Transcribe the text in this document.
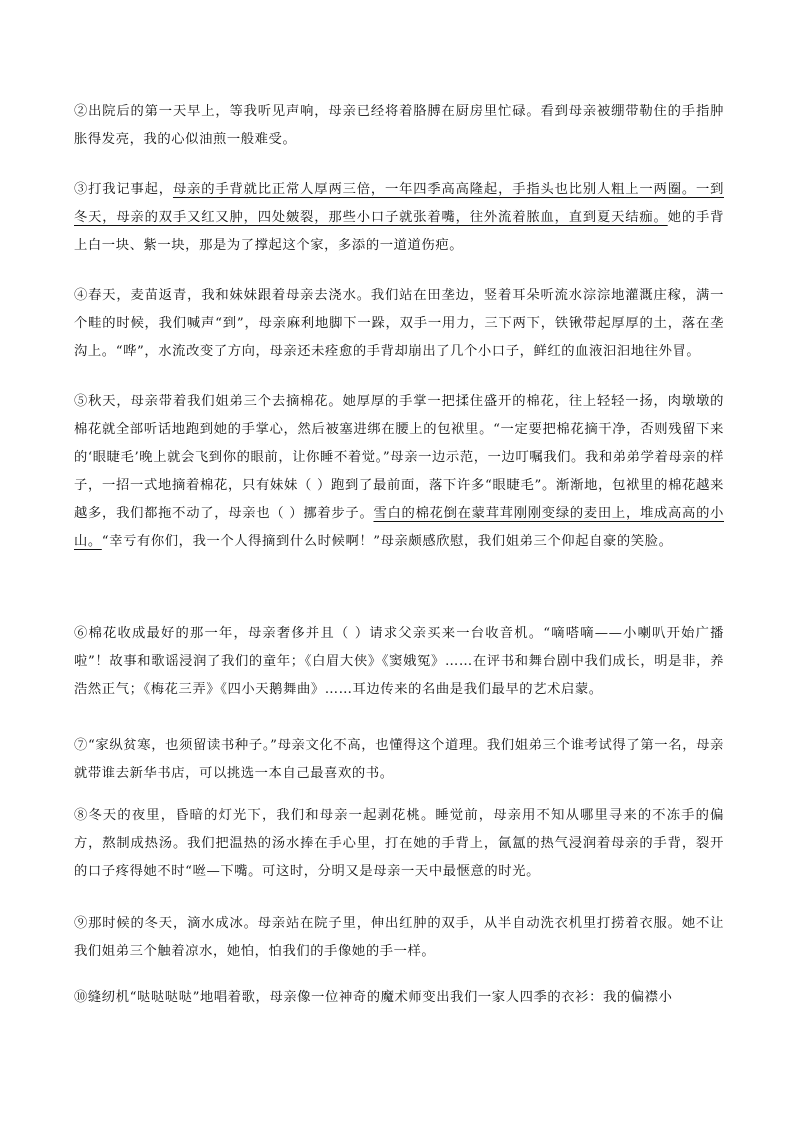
②出院后的第一天早上，等我听见声响，母亲已经将着胳膊在厨房里忙碌。看到母亲被绷带勒住的手指肿胀得发亮，我的心似油煎一般难受。

③打我记事起，母亲的手背就比正常人厚两三倍，一年四季高高隆起，手指头也比别人粗上一两圈。一到冬天，母亲的双手又红又肿，四处皴裂，那些小口子就张着嘴，往外流着脓血，直到夏天结痂。她的手背上白一块、紫一块，那是为了撑起这个家，多添的一道道伤疤。

④春天，麦苗返青，我和妹妹跟着母亲去浇水。我们站在田垄边，竖着耳朵听流水淙淙地灌溉庄稼，满一个畦的时候，我们喊声“到”，母亲麻利地脚下一跺，双手一用力，三下两下，铁锹带起厚厚的土，落在垄沟上。“哗”，水流改变了方向，母亲还未痊愈的手背却崩出了几个小口子，鲜红的血液汩汩地往外冒。

⑤秋天，母亲带着我们姐弟三个去摘棉花。她厚厚的手掌一把揉住盛开的棉花，往上轻轻一扬，肉墩墩的棉花就全部听话地跑到她的手掌心，然后被塞进绑在腰上的包袱里。“一定要把棉花摘干净，否则残留下来的‘眼睫毛’晚上就会飞到你的眼前，让你睡不着觉。”母亲一边示范，一边叮嘱我们。我和弟弟学着母亲的样子，一招一式地摘着棉花，只有妹妹（ ）跑到了最前面，落下许多“眼睫毛”。渐渐地，包袱里的棉花越来越多，我们都拖不动了，母亲也（ ）挪着步子。雪白的棉花倒在蒙茸茸刚刚变绿的麦田上，堆成高高的小山。“幸亏有你们，我一个人得摘到什么时候啊！”母亲颇感欣慰，我们姐弟三个仰起自豪的笑脸。

⑥棉花收成最好的那一年，母亲奢侈并且（ ）请求父亲买来一台收音机。“嘀嗒嘀——小喇叭开始广播啦”！故事和歌谣浸润了我们的童年；《白眉大侠》《窦娥冤》……在评书和舞台剧中我们成长，明是非，养浩然正气；《梅花三弄》《四小天鹅舞曲》……耳边传来的名曲是我们最早的艺术启蒙。

⑦“家纵贫寒，也须留读书种子。”母亲文化不高，也懂得这个道理。我们姐弟三个谁考试得了第一名，母亲就带谁去新华书店，可以挑选一本自己最喜欢的书。

⑧冬天的夜里，昏暗的灯光下，我们和母亲一起剥花桃。睡觉前，母亲用不知从哪里寻来的不冻手的偏方，熬制成热汤。我们把温热的汤水捧在手心里，打在她的手背上，氤氲的热气浸润着母亲的手背，裂开的口子疼得她不时“咝—下嘴。可这时，分明又是母亲一天中最惬意的时光。

⑨那时候的冬天，滴水成冰。母亲站在院子里，伸出红肿的双手，从半自动洗衣机里打捞着衣服。她不让我们姐弟三个触着凉水，她怕，怕我们的手像她的手一样。

⑩缝纫机“哒哒哒哒”地唱着歌，母亲像一位神奇的魔术师变出我们一家人四季的衣衫：我的偏襟小
